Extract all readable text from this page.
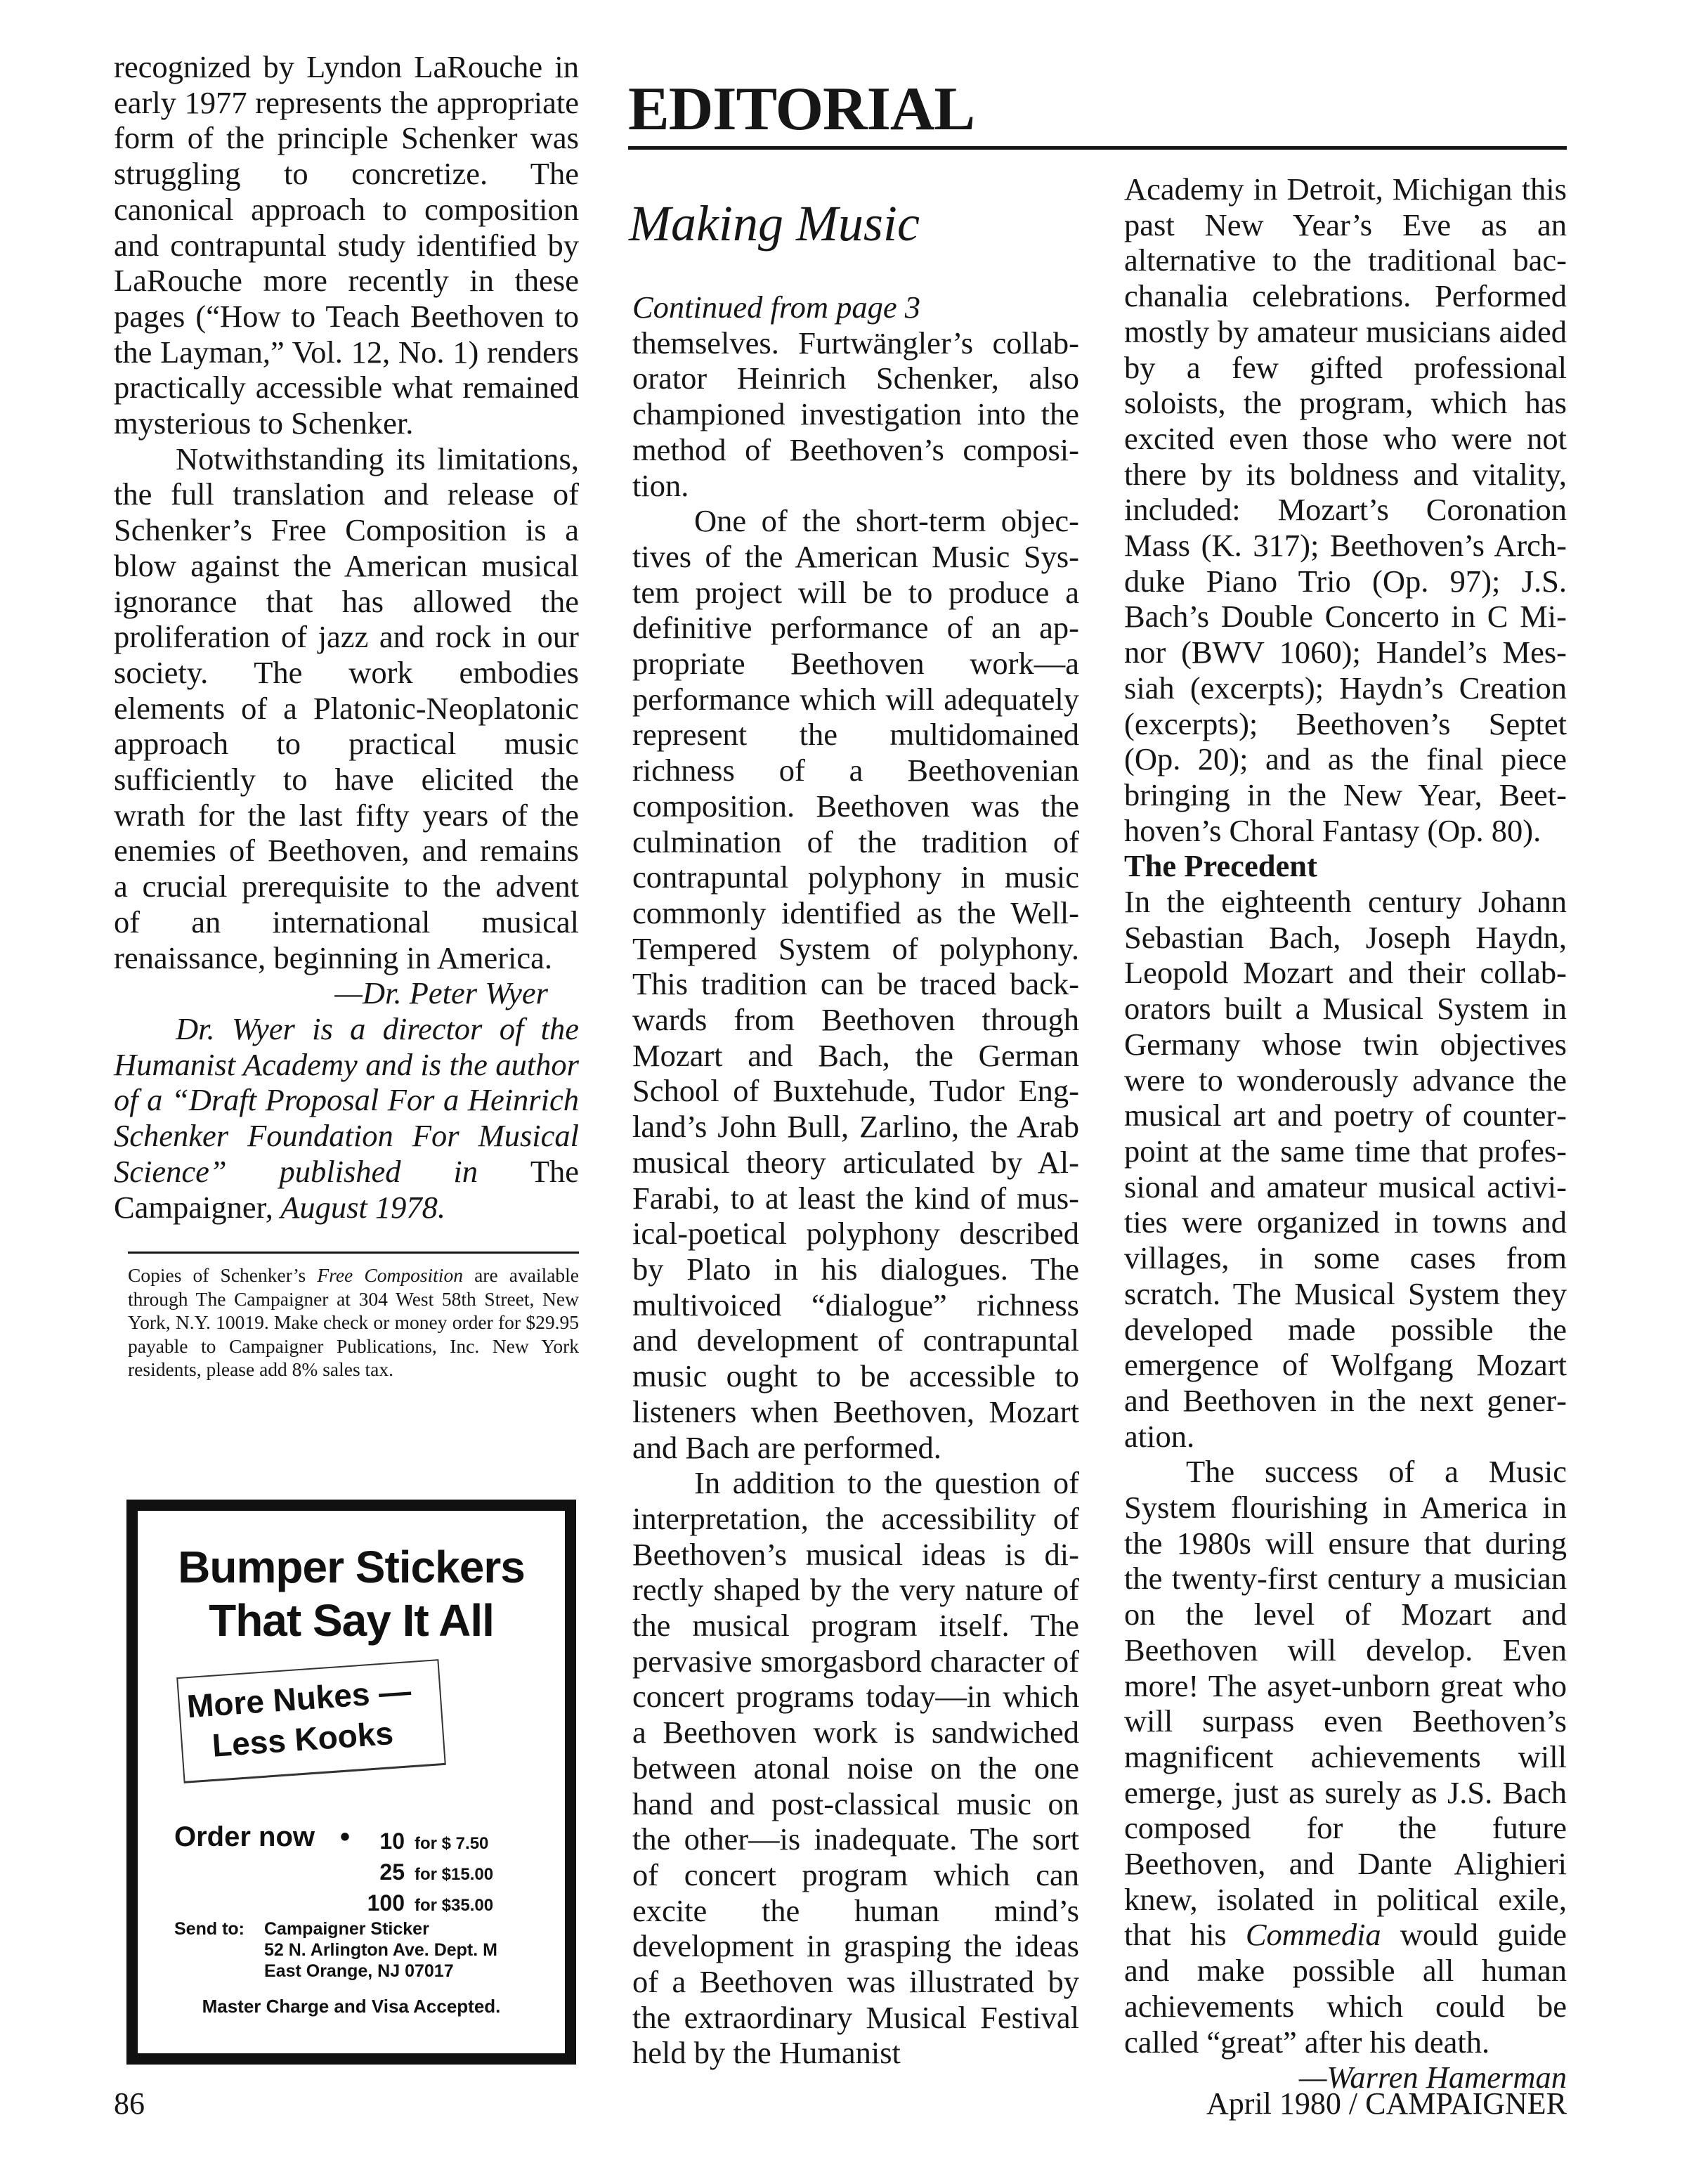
recognized by Lyndon LaRouche in early 1977 represents the appropriate form of the principle Schenker was struggling to concretize. The canonical approach to composition and contrapuntal study identified by LaRouche more recently in these pages (“How to Teach Beethoven to the Layman,” Vol. 12, No. 1) renders practically accessible what remained mysterious to Schenker.

Notwithstanding its limitations, the full translation and release of Schenker’s Free Composition is a blow against the American musical ignorance that has allowed the proliferation of jazz and rock in our society. The work embodies elements of a Platonic-Neoplatonic approach to practical music sufficiently to have elicited the wrath for the last fifty years of the enemies of Beethoven, and remains a crucial prerequisite to the advent of an international musical renaissance, beginning in America.

—Dr. Peter Wyer

Dr. Wyer is a director of the Humanist Academy and is the author of a “Draft Proposal For a Heinrich Schenker Foundation For Musical Science” published in The Campaigner, August 1978.

Copies of Schenker’s Free Composition are available through The Campaigner at 304 West 58th Street, New York, N.Y. 10019. Make check or money order for $29.95 payable to Campaigner Publications, Inc. New York residents, please add 8% sales tax.
Bumper Stickers
That Say It All
More Nukes —
Less Kooks
Order now •	10 for $ 7.50
25 for $15.00
100 for $35.00
Send to: Campaigner Sticker
52 N. Arlington Ave. Dept. M
East Orange, NJ 07017
Master Charge and Visa Accepted.
EDITORIAL
Making Music

Continued from page 3

themselves. Furtwängler’s collaborator Heinrich Schenker, also championed investigation into the method of Beethoven’s composition.

One of the short-term objectives of the American Music System project will be to produce a definitive performance of an appropriate Beethoven work—a performance which will adequately represent the multidomained richness of a Beethovenian composition. Beethoven was the culmination of the tradition of contrapuntal polyphony in music commonly identified as the Well-Tempered System of polyphony. This tradition can be traced backwards from Beethoven through Mozart and Bach, the German School of Buxtehude, Tudor England’s John Bull, Zarlino, the Arab musical theory articulated by Al-Farabi, to at least the kind of musical-poetical polyphony described by Plato in his dialogues. The multivoiced “dialogue” richness and development of contrapuntal music ought to be accessible to listeners when Beethoven, Mozart and Bach are performed.

In addition to the question of interpretation, the accessibility of Beethoven’s musical ideas is directly shaped by the very nature of the musical program itself. The pervasive smorgasbord character of concert programs today—in which a Beethoven work is sandwiched between atonal noise on the one hand and post-classical music on the other—is inadequate. The sort of concert program which can excite the human mind’s development in grasping the ideas of a Beethoven was illustrated by the extraordinary Musical Festival held by the Humanist

Academy in Detroit, Michigan this past New Year’s Eve as an alternative to the traditional bacchanalia celebrations. Performed mostly by amateur musicians aided by a few gifted professional soloists, the program, which has excited even those who were not there by its boldness and vitality, included: Mozart’s Coronation Mass (K. 317); Beethoven’s Archduke Piano Trio (Op. 97); J.S. Bach’s Double Concerto in C Minor (BWV 1060); Handel’s Messiah (excerpts); Haydn’s Creation (excerpts); Beethoven’s Septet (Op. 20); and as the final piece bringing in the New Year, Beethoven’s Choral Fantasy (Op. 80).

The Precedent

In the eighteenth century Johann Sebastian Bach, Joseph Haydn, Leopold Mozart and their collaborators built a Musical System in Germany whose twin objectives were to wonderously advance the musical art and poetry of counterpoint at the same time that professional and amateur musical activities were organized in towns and villages, in some cases from scratch. The Musical System they developed made possible the emergence of Wolfgang Mozart and Beethoven in the next generation.

The success of a Music System flourishing in America in the 1980s will ensure that during the twenty-first century a musician on the level of Mozart and Beethoven will develop. Even more! The asyet-unborn great who will surpass even Beethoven’s magnificent achievements will emerge, just as surely as J.S. Bach composed for the future Beethoven, and Dante Alighieri knew, isolated in political exile, that his Commedia would guide and make possible all human achievements which could be called “great” after his death.

—Warren Hamerman

86	April 1980 / CAMPAIGNER
